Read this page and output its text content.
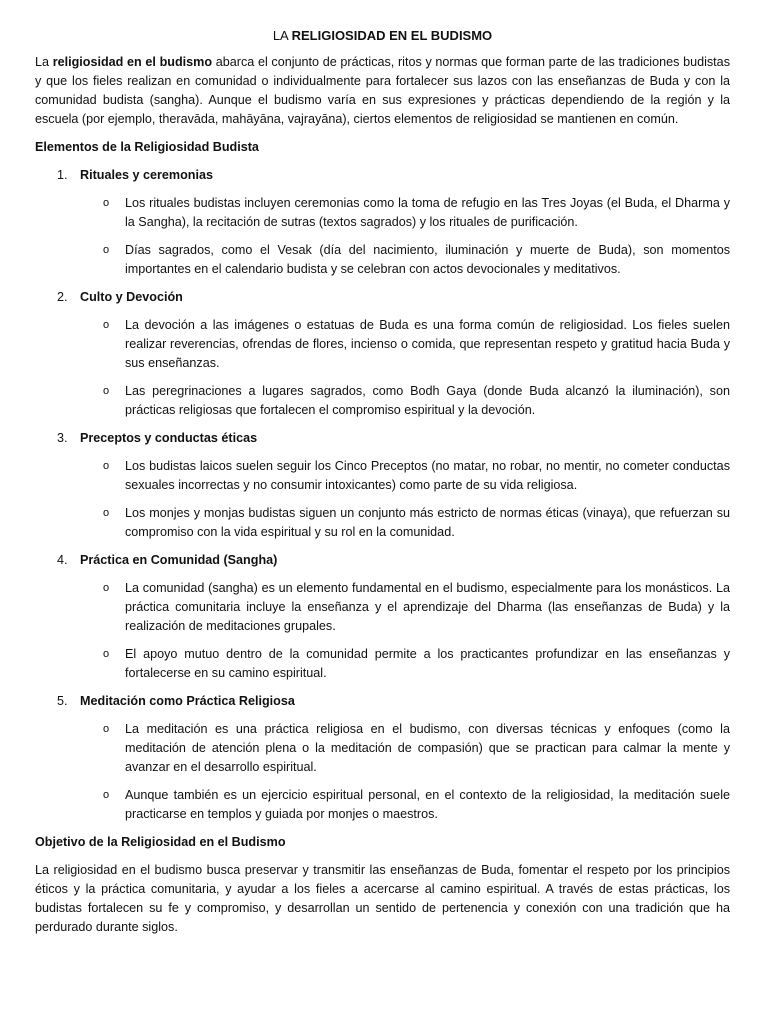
LA RELIGIOSIDAD EN EL BUDISMO

La religiosidad en el budismo abarca el conjunto de prácticas, ritos y normas que forman parte de las tradiciones budistas y que los fieles realizan en comunidad o individualmente para fortalecer sus lazos con las enseñanzas de Buda y con la comunidad budista (sangha). Aunque el budismo varía en sus expresiones y prácticas dependiendo de la región y la escuela (por ejemplo, theravāda, mahāyāna, vajrayāna), ciertos elementos de religiosidad se mantienen en común.

Elementos de la Religiosidad Budista
1. Rituales y ceremonias
o	Los rituales budistas incluyen ceremonias como la toma de refugio en las Tres Joyas (el Buda, el Dharma y la Sangha), la recitación de sutras (textos sagrados) y los rituales de purificación.
o	Días sagrados, como el Vesak (día del nacimiento, iluminación y muerte de Buda), son momentos importantes en el calendario budista y se celebran con actos devocionales y meditativos.
2. Culto y Devoción
o	La devoción a las imágenes o estatuas de Buda es una forma común de religiosidad. Los fieles suelen realizar reverencias, ofrendas de flores, incienso o comida, que representan respeto y gratitud hacia Buda y sus enseñanzas.
o	Las peregrinaciones a lugares sagrados, como Bodh Gaya (donde Buda alcanzó la iluminación), son prácticas religiosas que fortalecen el compromiso espiritual y la devoción.
3. Preceptos y conductas éticas
o	Los budistas laicos suelen seguir los Cinco Preceptos (no matar, no robar, no mentir, no cometer conductas sexuales incorrectas y no consumir intoxicantes) como parte de su vida religiosa.
o	Los monjes y monjas budistas siguen un conjunto más estricto de normas éticas (vinaya), que refuerzan su compromiso con la vida espiritual y su rol en la comunidad.
4. Práctica en Comunidad (Sangha)
o	La comunidad (sangha) es un elemento fundamental en el budismo, especialmente para los monásticos. La práctica comunitaria incluye la enseñanza y el aprendizaje del Dharma (las enseñanzas de Buda) y la realización de meditaciones grupales.
o	El apoyo mutuo dentro de la comunidad permite a los practicantes profundizar en las enseñanzas y fortalecerse en su camino espiritual.
5. Meditación como Práctica Religiosa
o	La meditación es una práctica religiosa en el budismo, con diversas técnicas y enfoques (como la meditación de atención plena o la meditación de compasión) que se practican para calmar la mente y avanzar en el desarrollo espiritual.
o	Aunque también es un ejercicio espiritual personal, en el contexto de la religiosidad, la meditación suele practicarse en templos y guiada por monjes o maestros.
Objetivo de la Religiosidad en el Budismo

La religiosidad en el budismo busca preservar y transmitir las enseñanzas de Buda, fomentar el respeto por los principios éticos y la práctica comunitaria, y ayudar a los fieles a acercarse al camino espiritual. A través de estas prácticas, los budistas fortalecen su fe y compromiso, y desarrollan un sentido de pertenencia y conexión con una tradición que ha perdurado durante siglos.
